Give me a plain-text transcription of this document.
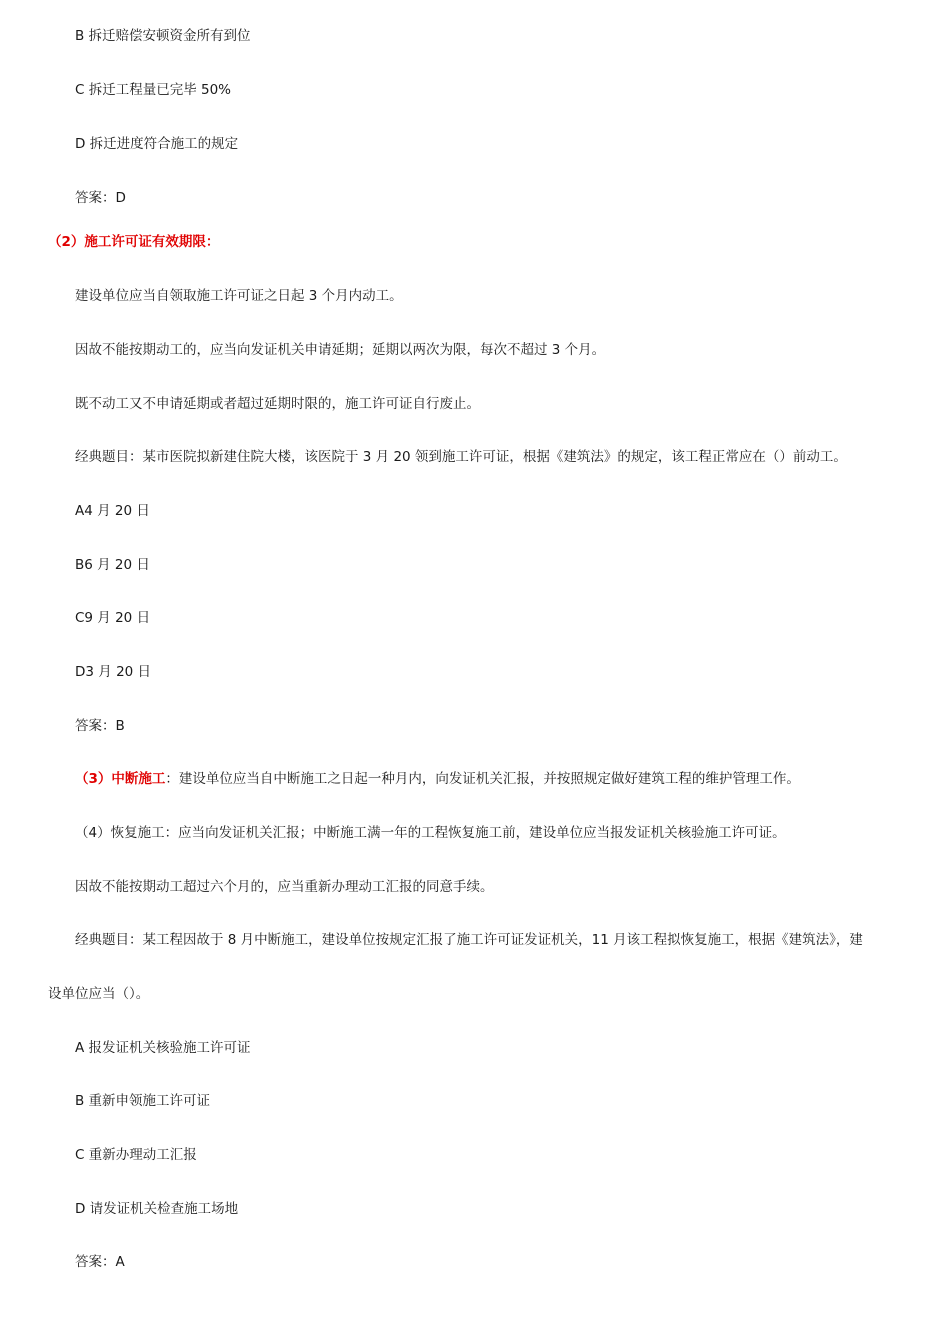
B 拆迁赔偿安顿资金所有到位
C 拆迁工程量已完毕 50%
D 拆迁进度符合施工的规定
答案：D
（2）施工许可证有效期限：
建设单位应当自领取施工许可证之日起 3 个月内动工。
因故不能按期动工的，应当向发证机关申请延期；延期以两次为限，每次不超过 3 个月。
既不动工又不申请延期或者超过延期时限的，施工许可证自行废止。
经典题目：某市医院拟新建住院大楼，该医院于 3 月 20 领到施工许可证，根据《建筑法》的规定，该工程正常应在（）前动工。
A4 月 20 日
B6 月 20 日
C9 月 20 日
D3 月 20 日
答案：B
（3）中断施工：建设单位应当自中断施工之日起一种月内，向发证机关汇报，并按照规定做好建筑工程的维护管理工作。
（4）恢复施工：应当向发证机关汇报；中断施工满一年的工程恢复施工前，建设单位应当报发证机关核验施工许可证。
因故不能按期动工超过六个月的，应当重新办理动工汇报的同意手续。
经典题目：某工程因故于 8 月中断施工，建设单位按规定汇报了施工许可证发证机关，11 月该工程拟恢复施工，根据《建筑法》，建
设单位应当（）。
A 报发证机关核验施工许可证
B 重新申领施工许可证
C 重新办理动工汇报
D 请发证机关检查施工场地
答案：A
